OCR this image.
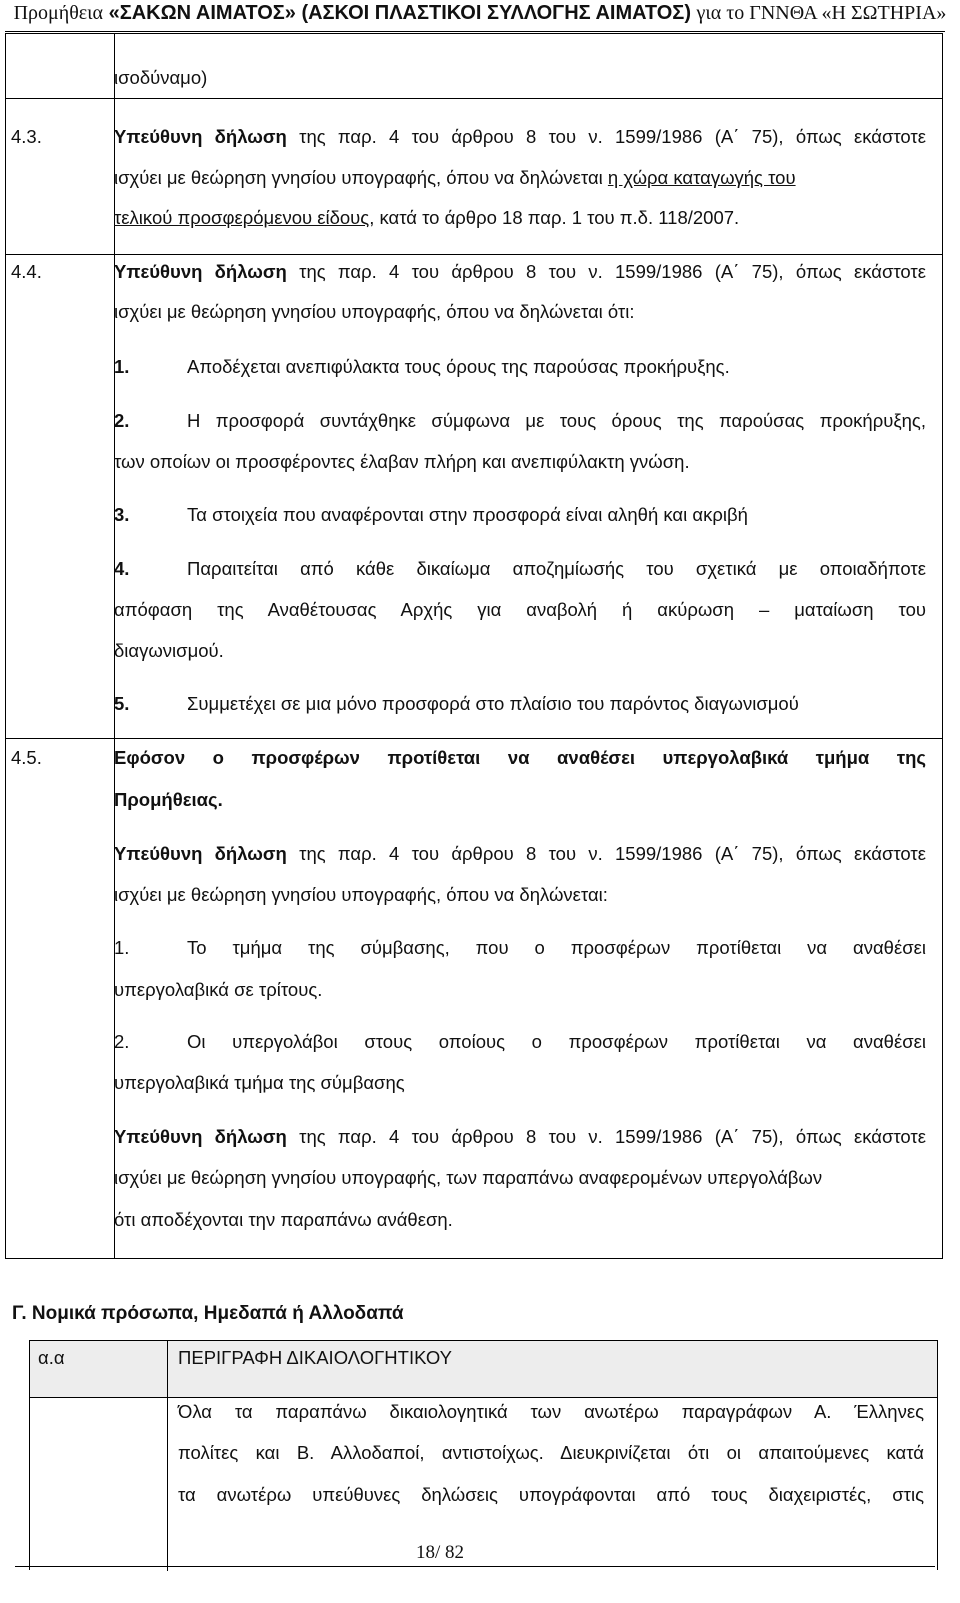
Προμήθεια «ΣΑΚΩΝ ΑΙΜΑΤΟΣ» (ΑΣΚΟΙ ΠΛΑΣΤΙΚΟΙ ΣΥΛΛΟΓΗΣ ΑΙΜΑΤΟΣ) για το ΓΝΝΘΑ «Η ΣΩΤΗΡΙΑ»
ισοδύναμο)
4.3.	Υπεύθυνη δήλωση της παρ. 4 του άρθρου 8 του ν. 1599/1986 (Α΄ 75), όπως εκάστοτε
ισχύει με θεώρηση γνησίου υπογραφής, όπου να δηλώνεται η χώρα καταγωγής του
τελικού προσφερόμενου είδους, κατά το άρθρο 18 παρ. 1 του π.δ. 118/2007.
4.4.	Υπεύθυνη δήλωση της παρ. 4 του άρθρου 8 του ν. 1599/1986 (Α΄ 75), όπως εκάστοτε
ισχύει με θεώρηση γνησίου υπογραφής, όπου να δηλώνεται ότι:
1.	Αποδέχεται ανεπιφύλακτα τους όρους της παρούσας προκήρυξης.
2.	Η προσφορά συντάχθηκε σύμφωνα με τους όρους της παρούσας προκήρυξης,
των οποίων οι προσφέροντες έλαβαν πλήρη και ανεπιφύλακτη γνώση.
3.	Τα στοιχεία που αναφέρονται στην προσφορά είναι αληθή και ακριβή
4.	Παραιτείται από κάθε δικαίωμα αποζημίωσής του σχετικά με οποιαδήποτε
απόφαση της Αναθέτουσας Αρχής για αναβολή ή ακύρωση – ματαίωση του
διαγωνισμού.
5.	Συμμετέχει σε μια μόνο προσφορά στο πλαίσιο του παρόντος διαγωνισμού
4.5.	Εφόσον ο προσφέρων προτίθεται να αναθέσει υπεργολαβικά τμήμα της
Προμήθειας.
Υπεύθυνη δήλωση της παρ. 4 του άρθρου 8 του ν. 1599/1986 (Α΄ 75), όπως εκάστοτε
ισχύει με θεώρηση γνησίου υπογραφής, όπου να δηλώνεται:
1.	Το τμήμα της σύμβασης, που ο προσφέρων προτίθεται να αναθέσει
υπεργολαβικά σε τρίτους.
2.	Οι υπεργολάβοι στους οποίους ο προσφέρων προτίθεται να αναθέσει
υπεργολαβικά τμήμα της σύμβασης
Υπεύθυνη δήλωση της παρ. 4 του άρθρου 8 του ν. 1599/1986 (Α΄ 75), όπως εκάστοτε
ισχύει με θεώρηση γνησίου υπογραφής, των παραπάνω αναφερομένων υπεργολάβων
ότι αποδέχονται την παραπάνω ανάθεση.
Γ. Νομικά πρόσωπα, Ημεδαπά ή Αλλοδαπά
α.α	ΠΕΡΙΓΡΑΦΗ ΔΙΚΑΙΟΛΟΓΗΤΙΚΟΥ
Όλα τα παραπάνω δικαιολογητικά των ανωτέρω παραγράφων Α. Έλληνες
πολίτες και Β. Αλλοδαποί, αντιστοίχως. Διευκρινίζεται ότι οι απαιτούμενες κατά
τα ανωτέρω υπεύθυνες δηλώσεις υπογράφονται από τους διαχειριστές, στις
18/ 82
